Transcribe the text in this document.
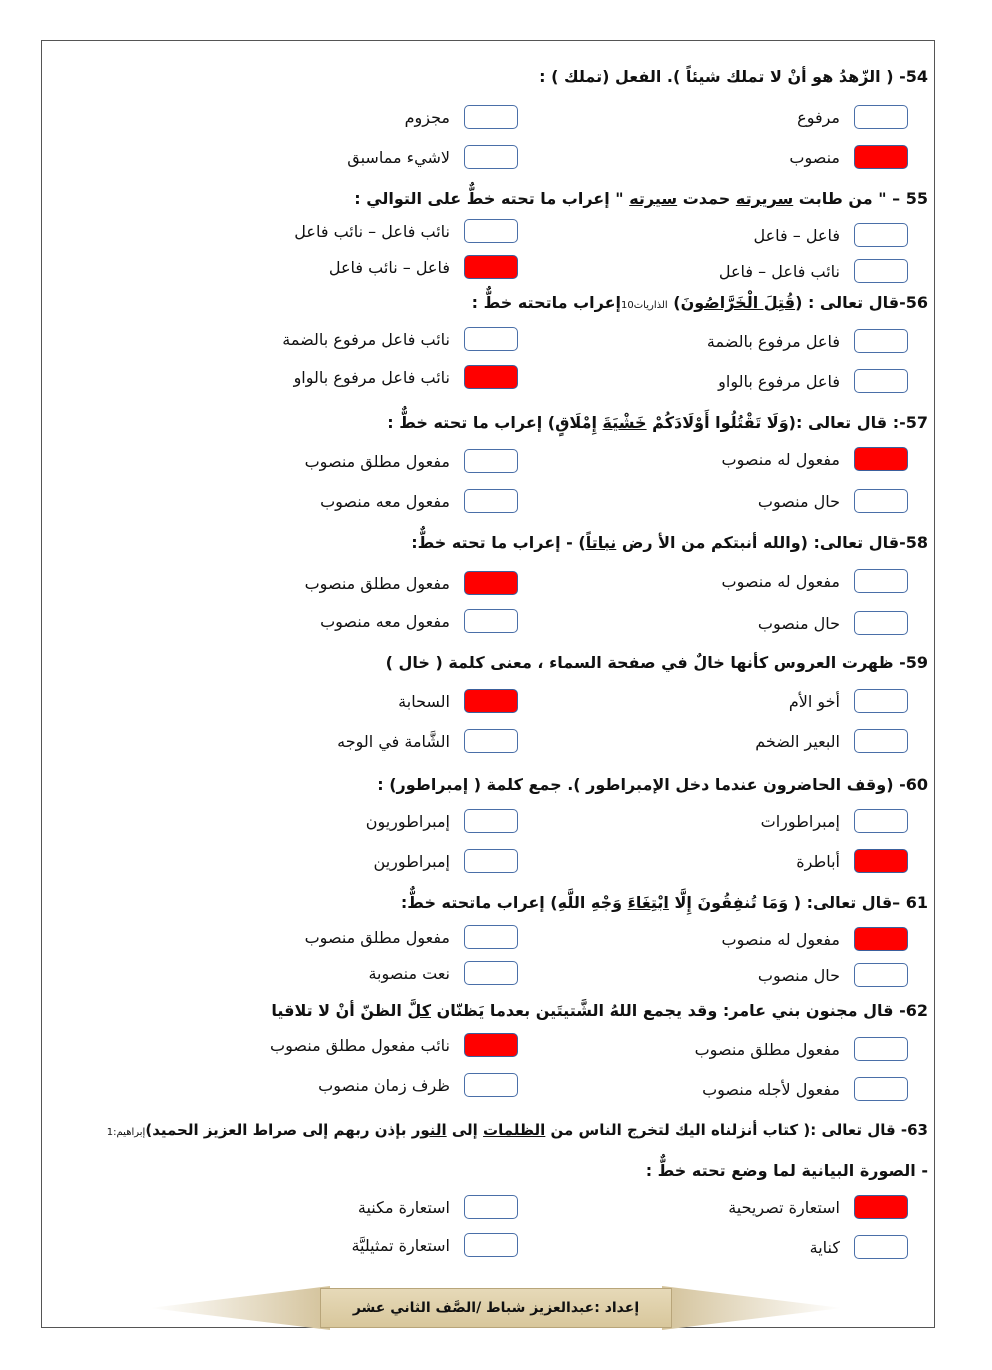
54- ( الزّهدُ هو أنْ لا تملك شيئاً ). الفعل (تملك ) :
مرفوع
مجزوم
منصوب
لاشيء مماسبق
55 – " من طابت سريرته حمدت سيرته " إعراب ما تحته خطٌّ على التوالي :
فاعل – فاعل
نائب فاعل – نائب فاعل
نائب فاعل – فاعل
فاعل – نائب فاعل
56-قال تعالى : (قُتِلَ الْخَرَّاصُونَ) الذاريات10إعراب ماتحته خطٌّ :
فاعل مرفوع بالضمة
نائب فاعل مرفوع بالضمة
فاعل مرفوع بالواو
نائب فاعل مرفوع بالواو
57-: قال تعالى :(وَلَا تَقْتُلُوا أَوْلَادَكُمْ خَشْيَةَ إِمْلَاقٍ) إعراب ما تحته خطٌّ :
مفعول له منصوب
مفعول مطلق منصوب
حال منصوب
مفعول معه منصوب
58-قال تعالى: (والله أنبتكم من الأ رض نباتاً) - إعراب ما تحته خطٌّ:
مفعول له منصوب
مفعول مطلق منصوب
حال منصوب
مفعول معه منصوب
59- ظهرت العروس كأنها خالٌ في صفحة السماء ، معنى كلمة ( خال )
أخو الأم
السحابة
البعير الضخم
الشَّامة في الوجه
60- (وقف الحاضرون عندما دخل الإمبراطور ). جمع كلمة ( إمبراطور) :
إمبراطورات
إمبراطوريون
أباطرة
إمبراطورين
61 –قال تعالى: ( وَمَا تُنفِقُونَ إِلَّا ابْتِغَاءَ وَجْهِ اللَّهِ) إعراب ماتحته خطٌّ:
مفعول له منصوب
مفعول مطلق منصوب
حال منصوب
نعت منصوبة
62- قال مجنون بني عامر: وقد يجمع اللهُ الشَّتيتَين بعدما يَظنّان كلَّ الظنّ أنْ لا تلاقيا
مفعول مطلق منصوب
نائب مفعول مطلق منصوب
مفعول لأجله منصوب
ظرف زمان منصوب
63- قال تعالى :( كتاب أنزلناه اليك لتخرج الناس من الظلمات إلى النور بإذن ربهم إلى صراط العزيز الحميد)إبراهيم:1
- الصورة البيانية لما وضع تحته خطٌّ :
استعارة تصريحية
استعارة مكنية
كناية
استعارة تمثيليَّة
إعداد :عبدالعزيز شباط /الصَّف الثاني عشر
